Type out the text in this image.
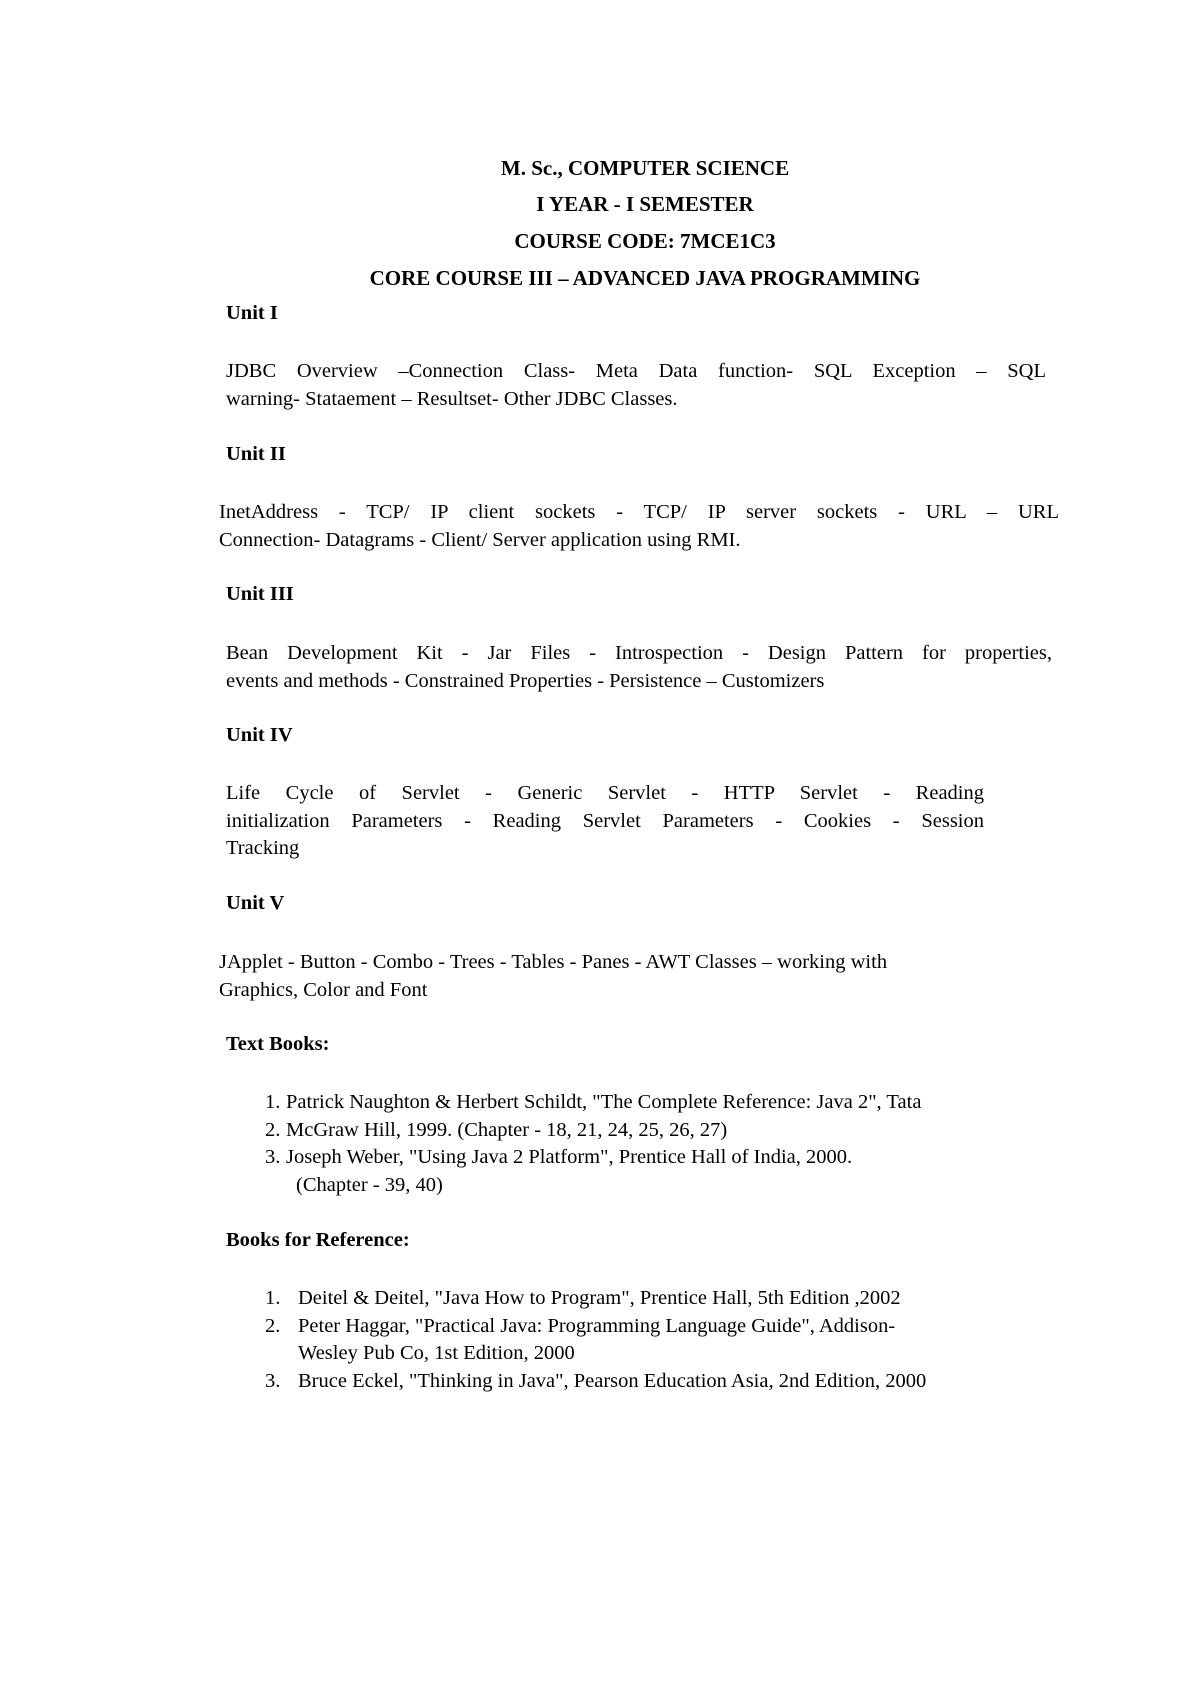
M. Sc., COMPUTER SCIENCE
I YEAR - I SEMESTER
COURSE CODE: 7MCE1C3
CORE COURSE III – ADVANCED JAVA PROGRAMMING
Unit I
JDBC Overview –Connection Class- Meta Data function- SQL Exception – SQL
warning- Stataement – Resultset- Other JDBC Classes.
Unit II
InetAddress - TCP/ IP client sockets - TCP/ IP server sockets - URL – URL
Connection- Datagrams - Client/ Server application using RMI.
Unit III
Bean Development Kit - Jar Files - Introspection - Design Pattern for properties,
events and methods - Constrained Properties - Persistence – Customizers
Unit IV
Life Cycle of Servlet - Generic Servlet - HTTP Servlet - Reading
initialization Parameters - Reading Servlet Parameters - Cookies - Session
Tracking
Unit V
JApplet - Button - Combo - Trees - Tables - Panes - AWT Classes – working with
Graphics, Color and Font
Text Books:
1. Patrick Naughton & Herbert Schildt, "The Complete Reference: Java 2", Tata
2. McGraw Hill, 1999. (Chapter - 18, 21, 24, 25, 26, 27)
3. Joseph Weber, "Using Java 2 Platform", Prentice Hall of India, 2000.
(Chapter - 39, 40)
Books for Reference:
1. Deitel & Deitel, "Java How to Program", Prentice Hall, 5th Edition ,2002
2. Peter Haggar, "Practical Java: Programming Language Guide", Addison-
Wesley Pub Co, 1st Edition, 2000
3. Bruce Eckel, "Thinking in Java", Pearson Education Asia, 2nd Edition, 2000
